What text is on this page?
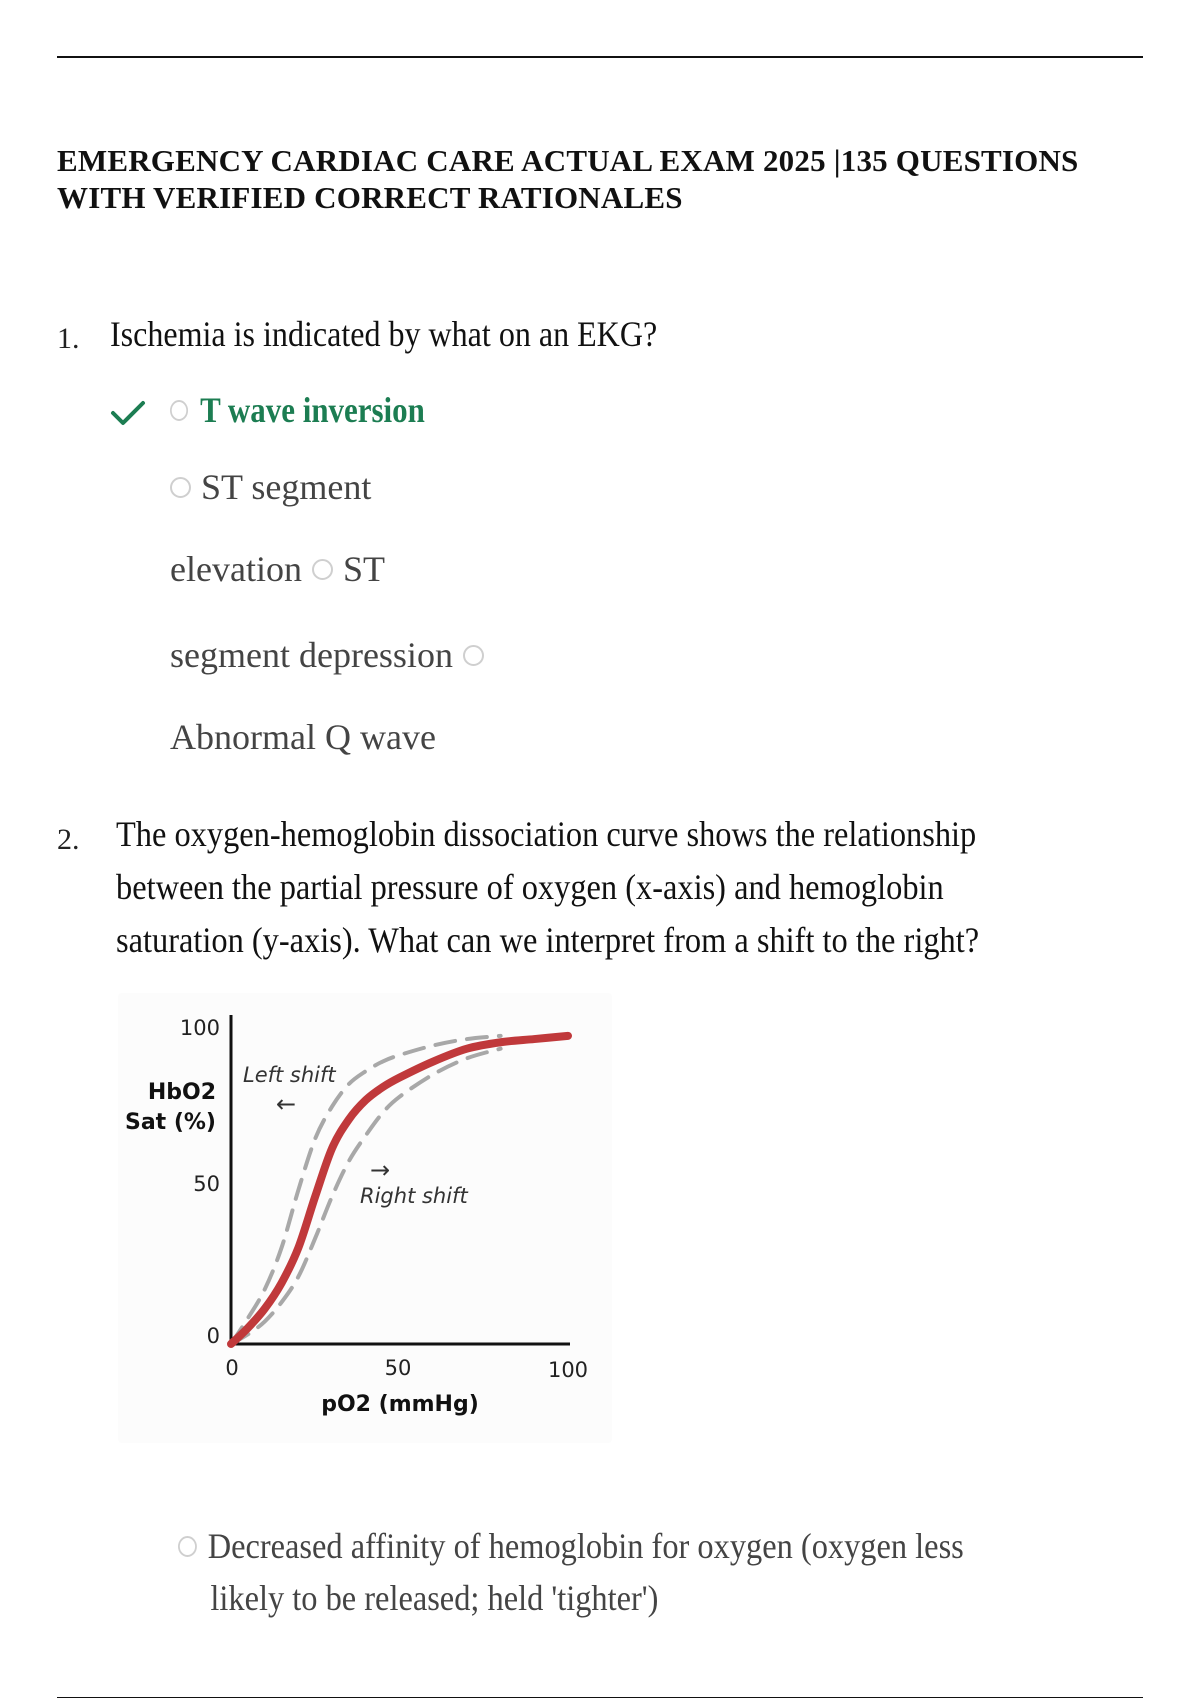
EMERGENCY CARDIAC CARE ACTUAL EXAM 2025 |135 QUESTIONS WITH VERIFIED CORRECT RATIONALES
1. Ischemia is indicated by what on an EKG?
T wave inversion
ST segment
elevation ST
segment depression
Abnormal Q wave
2. The oxygen-hemoglobin dissociation curve shows the relationship
between the partial pressure of oxygen (x-axis) and hemoglobin
saturation (y-axis). What can we interpret from a shift to the right?
100
50
0
0	50	100
HbO2
Sat (%)
pO2 (mmHg)
Left shift
←
→
Right shift
Decreased affinity of hemoglobin for oxygen (oxygen less
likely to be released; held 'tighter')
